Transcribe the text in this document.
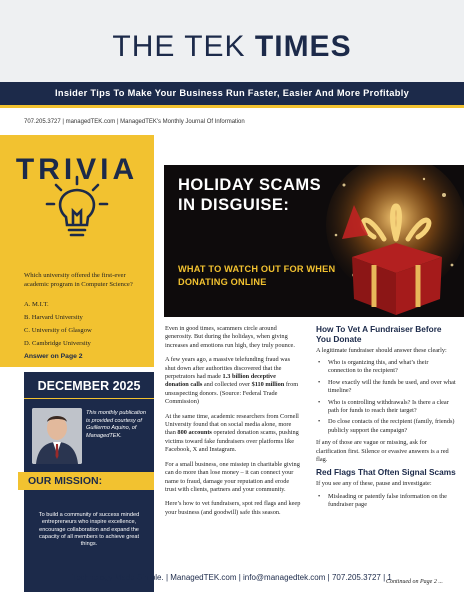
THE TEK TIMES
Insider Tips To Make Your Business Run Faster, Easier And More Profitably
707.205.3727 | managedTEK.com | ManagedTEK's Monthly Journal Of Information
TRIVIA
Which university offered the first-ever academic program in Computer Science?
A. M.I.T.
B. Harvard University
C. University of Glasgow
D. Cambridge University
Answer on Page 2
DECEMBER 2025
This monthly publication is provided courtesy of Guillermo Aquino, of ManagedTEK.
OUR MISSION:
To build a community of success minded entrepreneurs who inspire excellence, encourage collaboration and expand the capacity of all members to achieve great things.
HOLIDAY SCAMS IN DISGUISE:
WHAT TO WATCH OUT FOR WHEN DONATING ONLINE

Even in good times, scammers circle around generosity. But during the holidays, when giving increases and emotions run high, they truly pounce.

A few years ago, a massive telefunding fraud was shut down after authorities discovered that the perpetrators had made 1.3 billion deceptive donation calls and collected over $110 million from unsuspecting donors. (Source: Federal Trade Commission)

At the same time, academic researchers from Cornell University found that on social media alone, more than 800 accounts operated donation scams, pushing victims toward fake fundraisers over platforms like Facebook, X and Instagram.

For a small business, one misstep in charitable giving can do more than lose money – it can connect your name to fraud, damage your reputation and erode trust with clients, partners and your community.

Here’s how to vet fundraisers, spot red flags and keep your business (and goodwill) safe this season.

How To Vet A Fundraiser Before You Donate

A legitimate fundraiser should answer these clearly:

• Who is organizing this, and what’s their connection to the recipient?
• How exactly will the funds be used, and over what timeline?
• Who is controlling withdrawals? Is there a clear path for funds to reach their target?
• Do close contacts of the recipient (family, friends) publicly support the campaign?

If any of those are vague or missing, ask for clarification first. Silence or evasive answers is a red flag.

Red Flags That Often Signal Scams

If you see any of these, pause and investigate:

• Misleading or patently false information on the fundraiser page
Continued on Page 2 ...
Technology Made Simple. | ManagedTEK.com | info@managedtek.com | 707.205.3727 | 1
